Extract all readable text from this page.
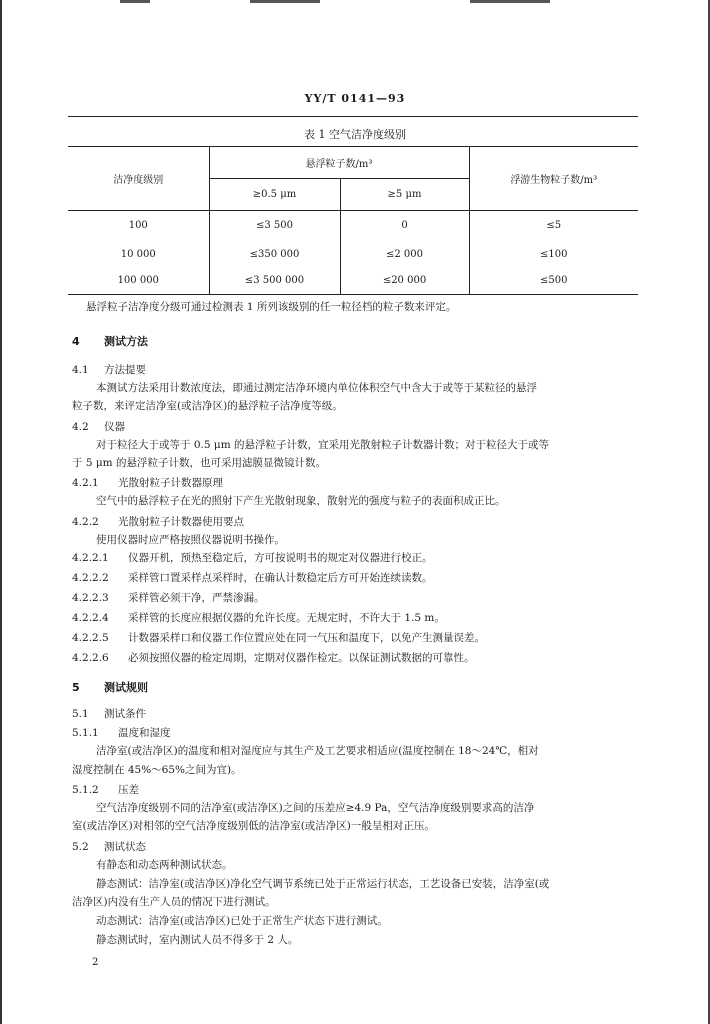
YY/T 0141—93
表 1 空气洁净度级别
洁净度级别	悬浮粒子数/m³		浮游生物粒子数/m³
	≥0.5 μm	≥5 μm	
100	≤3 500	0	≤5
10 000	≤350 000	≤2 000	≤100
100 000	≤3 500 000	≤20 000	≤500
悬浮粒子洁净度分级可通过检测表 1 所列该级别的任一粒径档的粒子数来评定。
4 测试方法
4.1 方法提要
本测试方法采用计数浓度法，即通过测定洁净环境内单位体积空气中含大于或等于某粒径的悬浮
粒子数，来评定洁净室(或洁净区)的悬浮粒子洁净度等级。
4.2 仪器
对于粒径大于或等于 0.5 μm 的悬浮粒子计数，宜采用光散射粒子计数器计数；对于粒径大于或等
于 5 μm 的悬浮粒子计数，也可采用滤膜显微镜计数。
4.2.1 光散射粒子计数器原理
空气中的悬浮粒子在光的照射下产生光散射现象，散射光的强度与粒子的表面积成正比。
4.2.2 光散射粒子计数器使用要点
使用仪器时应严格按照仪器说明书操作。
4.2.2.1 仪器开机，预热至稳定后，方可按说明书的规定对仪器进行校正。
4.2.2.2 采样管口置采样点采样时，在确认计数稳定后方可开始连续读数。
4.2.2.3 采样管必须干净，严禁渗漏。
4.2.2.4 采样管的长度应根据仪器的允许长度。无规定时，不许大于 1.5 m。
4.2.2.5 计数器采样口和仪器工作位置应处在同一气压和温度下，以免产生测量误差。
4.2.2.6 必须按照仪器的检定周期，定期对仪器作检定。以保证测试数据的可靠性。
5 测试规则
5.1 测试条件
5.1.1 温度和湿度
洁净室(或洁净区)的温度和相对湿度应与其生产及工艺要求相适应(温度控制在 18～24℃，相对
湿度控制在 45%～65%之间为宜)。
5.1.2 压差
空气洁净度级别不同的洁净室(或洁净区)之间的压差应≥4.9 Pa，空气洁净度级别要求高的洁净
室(或洁净区)对相邻的空气洁净度级别低的洁净室(或洁净区)一般呈相对正压。
5.2 测试状态
有静态和动态两种测试状态。
静态测试：洁净室(或洁净区)净化空气调节系统已处于正常运行状态，工艺设备已安装，洁净室(或
洁净区)内没有生产人员的情况下进行测试。
动态测试：洁净室(或洁净区)已处于正常生产状态下进行测试。
静态测试时，室内测试人员不得多于 2 人。
2
